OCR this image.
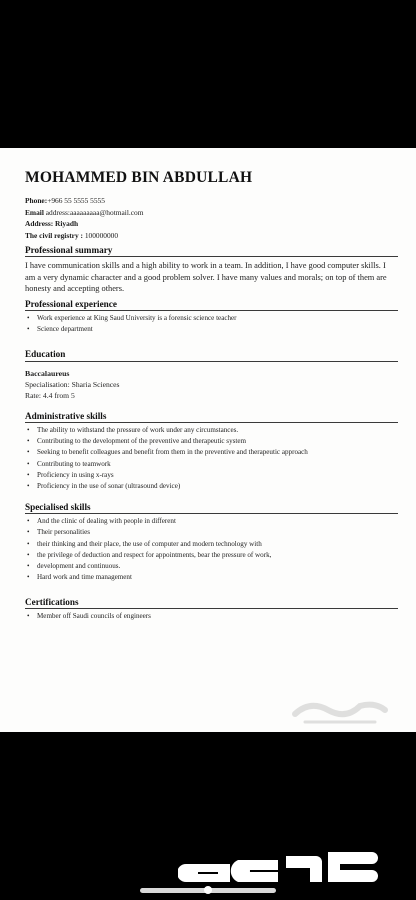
MOHAMMED BIN ABDULLAH
Phone:+966 55 5555 5555
Email address:aaaaaaaaa@hotmail.com
Address: Riyadh
The civil registry : 100000000
Professional summary

I have communication skills and a high ability to work in a team. In addition, I have good computer skills. I am a very dynamic character and a good problem solver. I have many values and morals; on top of them are honesty and accepting others.

Professional experience
• Work experience at King Saud University is a forensic science teacher
• Science department
Education
Baccalaureus
Specialisation: Sharia Sciences
Rate: 4.4 from 5
Administrative skills
• The ability to withstand the pressure of work under any circumstances.
• Contributing to the development of the preventive and therapeutic system
• Seeking to benefit colleagues and benefit from them in the preventive and therapeutic approach
• Contributing to teamwork
• Proficiency in using x-rays
• Proficiency in the use of sonar (ultrasound device)
Specialised skills
• And the clinic of dealing with people in different
• Their personalities
• their thinking and their place, the use of computer and modern technology with
• the privilege of deduction and respect for appointments, bear the pressure of work,
• development and continuous.
• Hard work and time management
Certifications
• Member off Saudi councils of engineers
